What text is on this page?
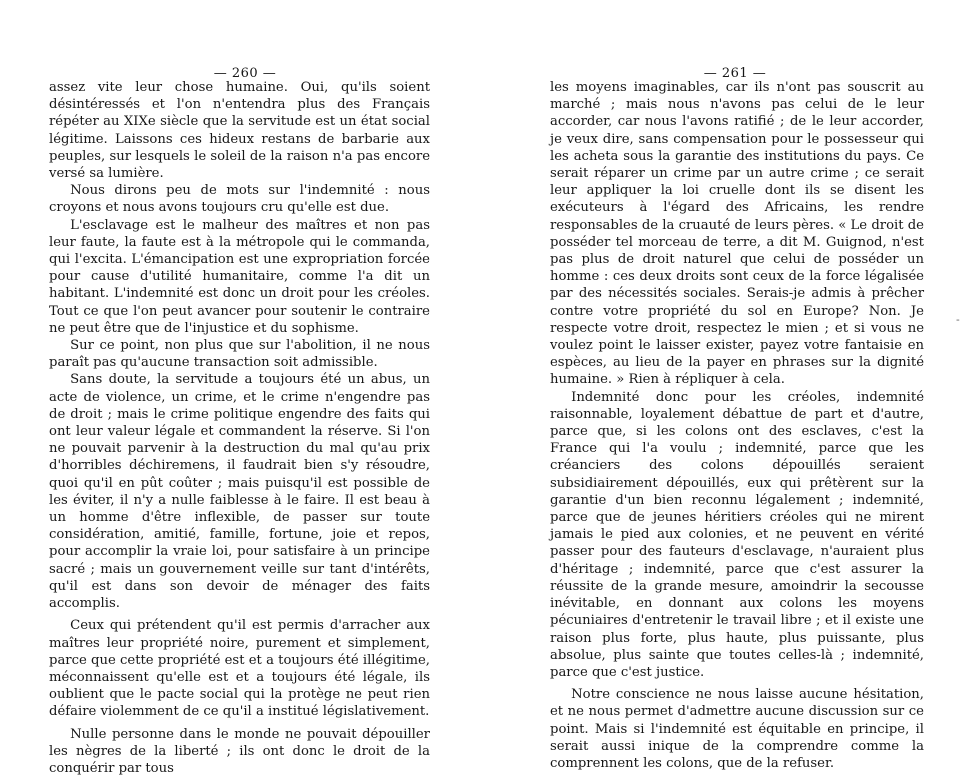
— 260 —

assez vite leur chose humaine. Oui, qu'ils soient désintéressés et l'on n'entendra plus des Français répéter au XIXe siècle que la servitude est un état social légitime. Laissons ces hideux restans de barbarie aux peuples, sur lesquels le soleil de la raison n'a pas encore versé sa lumière.

Nous dirons peu de mots sur l'indemnité : nous croyons et nous avons toujours cru qu'elle est due.

L'esclavage est le malheur des maîtres et non pas leur faute, la faute est à la métropole qui le commanda, qui l'excita. L'émancipation est une expropriation forcée pour cause d'utilité humanitaire, comme l'a dit un habitant. L'indemnité est donc un droit pour les créoles. Tout ce que l'on peut avancer pour soutenir le contraire ne peut être que de l'injustice et du sophisme.

Sur ce point, non plus que sur l'abolition, il ne nous paraît pas qu'aucune transaction soit admissible.

Sans doute, la servitude a toujours été un abus, un acte de violence, un crime, et le crime n'engendre pas de droit ; mais le crime politique engendre des faits qui ont leur valeur légale et commandent la réserve. Si l'on ne pouvait parvenir à la destruction du mal qu'au prix d'horribles déchiremens, il faudrait bien s'y résoudre, quoi qu'il en pût coûter ; mais puisqu'il est possible de les éviter, il n'y a nulle faiblesse à le faire. Il est beau à un homme d'être inflexible, de passer sur toute considération, amitié, famille, fortune, joie et repos, pour accomplir la vraie loi, pour satisfaire à un principe sacré ; mais un gouvernement veille sur tant d'intérêts, qu'il est dans son devoir de ménager des faits accomplis.

Ceux qui prétendent qu'il est permis d'arracher aux maîtres leur propriété noire, purement et simplement, parce que cette propriété est et a toujours été illégitime, méconnaissent qu'elle est et a toujours été légale, ils oublient que le pacte social qui la protège ne peut rien défaire violemment de ce qu'il a institué législativement.

Nulle personne dans le monde ne pouvait dépouiller les nègres de la liberté ; ils ont donc le droit de la conquérir par tous

— 261 —

les moyens imaginables, car ils n'ont pas souscrit au marché ; mais nous n'avons pas celui de le leur accorder, car nous l'avons ratifié ; de le leur accorder, je veux dire, sans compensation pour le possesseur qui les acheta sous la garantie des institutions du pays. Ce serait réparer un crime par un autre crime ; ce serait leur appliquer la loi cruelle dont ils se disent les exécuteurs à l'égard des Africains, les rendre responsables de la cruauté de leurs pères. « Le droit de posséder tel morceau de terre, a dit M. Guignod, n'est pas plus de droit naturel que celui de posséder un homme : ces deux droits sont ceux de la force légalisée par des nécessités sociales. Serais-je admis à prêcher contre votre propriété du sol en Europe? Non. Je respecte votre droit, respectez le mien ; et si vous ne voulez point le laisser exister, payez votre fantaisie en espèces, au lieu de la payer en phrases sur la dignité humaine. » Rien à répliquer à cela.

Indemnité donc pour les créoles, indemnité raisonnable, loyalement débattue de part et d'autre, parce que, si les colons ont des esclaves, c'est la France qui l'a voulu ; indemnité, parce que les créanciers des colons dépouillés seraient subsidiairement dépouillés, eux qui prêtèrent sur la garantie d'un bien reconnu légalement ; indemnité, parce que de jeunes héritiers créoles qui ne mirent jamais le pied aux colonies, et ne peuvent en vérité passer pour des fauteurs d'esclavage, n'auraient plus d'héritage ; indemnité, parce que c'est assurer la réussite de la grande mesure, amoindrir la secousse inévitable, en donnant aux colons les moyens pécuniaires d'entretenir le travail libre ; et il existe une raison plus forte, plus haute, plus puissante, plus absolue, plus sainte que toutes celles-là ; indemnité, parce que c'est justice.

Notre conscience ne nous laisse aucune hésitation, et ne nous permet d'admettre aucune discussion sur ce point. Mais si l'indemnité est équitable en principe, il serait aussi inique de la comprendre comme la comprennent les colons, que de la refuser.

-
